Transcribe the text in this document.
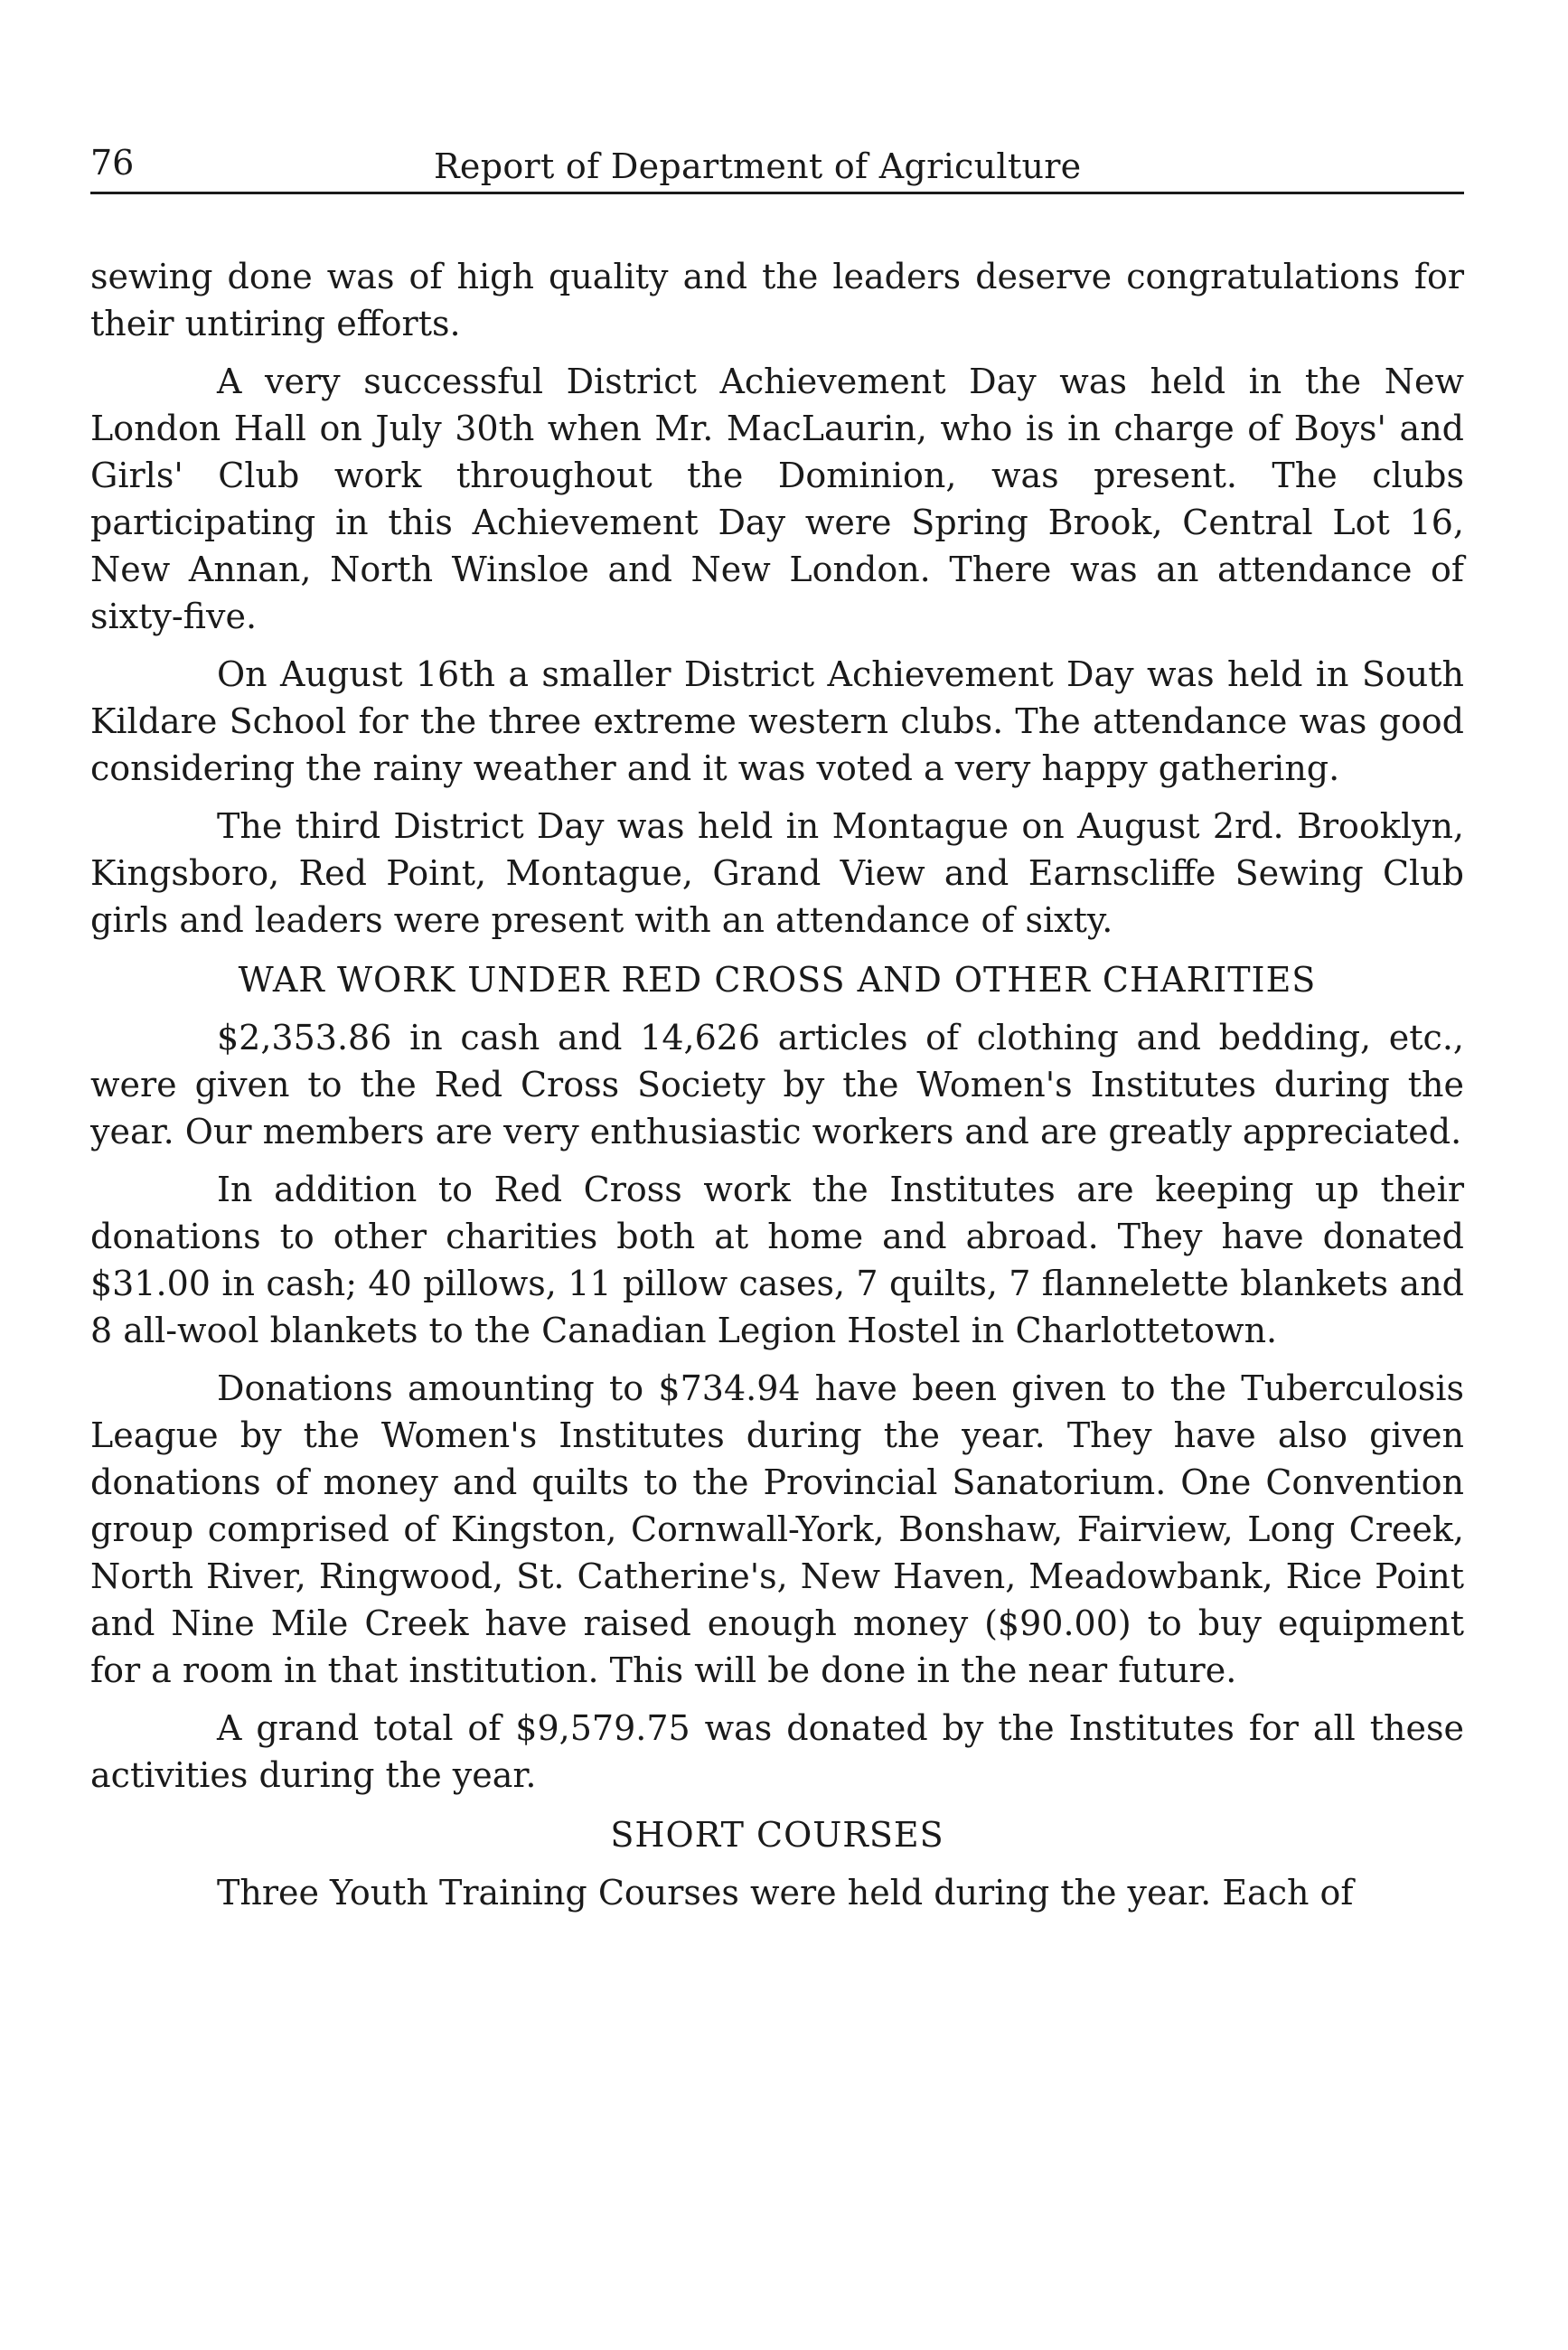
76	Report of Department of Agriculture

sewing done was of high quality and the leaders deserve congratulations for their untiring efforts.

A very successful District Achievement Day was held in the New London Hall on July 30th when Mr. MacLaurin, who is in charge of Boys' and Girls' Club work throughout the Dominion, was present. The clubs participating in this Achievement Day were Spring Brook, Central Lot 16, New Annan, North Winsloe and New London. There was an attendance of sixty-five.

On August 16th a smaller District Achievement Day was held in South Kildare School for the three extreme western clubs. The attendance was good considering the rainy weather and it was voted a very happy gathering.

The third District Day was held in Montague on August 2rd. Brooklyn, Kingsboro, Red Point, Montague, Grand View and Earnscliffe Sewing Club girls and leaders were present with an attendance of sixty.

WAR WORK UNDER RED CROSS AND OTHER CHARITIES

$2,353.86 in cash and 14,626 articles of clothing and bedding, etc., were given to the Red Cross Society by the Women's Institutes during the year. Our members are very enthusiastic workers and are greatly appreciated.

In addition to Red Cross work the Institutes are keeping up their donations to other charities both at home and abroad. They have donated $31.00 in cash; 40 pillows, 11 pillow cases, 7 quilts, 7 flannelette blankets and 8 all-wool blankets to the Canadian Legion Hostel in Charlottetown.

Donations amounting to $734.94 have been given to the Tuberculosis League by the Women's Institutes during the year. They have also given donations of money and quilts to the Provincial Sanatorium. One Convention group comprised of Kingston, Cornwall-York, Bonshaw, Fairview, Long Creek, North River, Ringwood, St. Catherine's, New Haven, Meadowbank, Rice Point and Nine Mile Creek have raised enough money ($90.00) to buy equipment for a room in that institution. This will be done in the near future.

A grand total of $9,579.75 was donated by the Institutes for all these activities during the year.

SHORT COURSES

Three Youth Training Courses were held during the year. Each of
